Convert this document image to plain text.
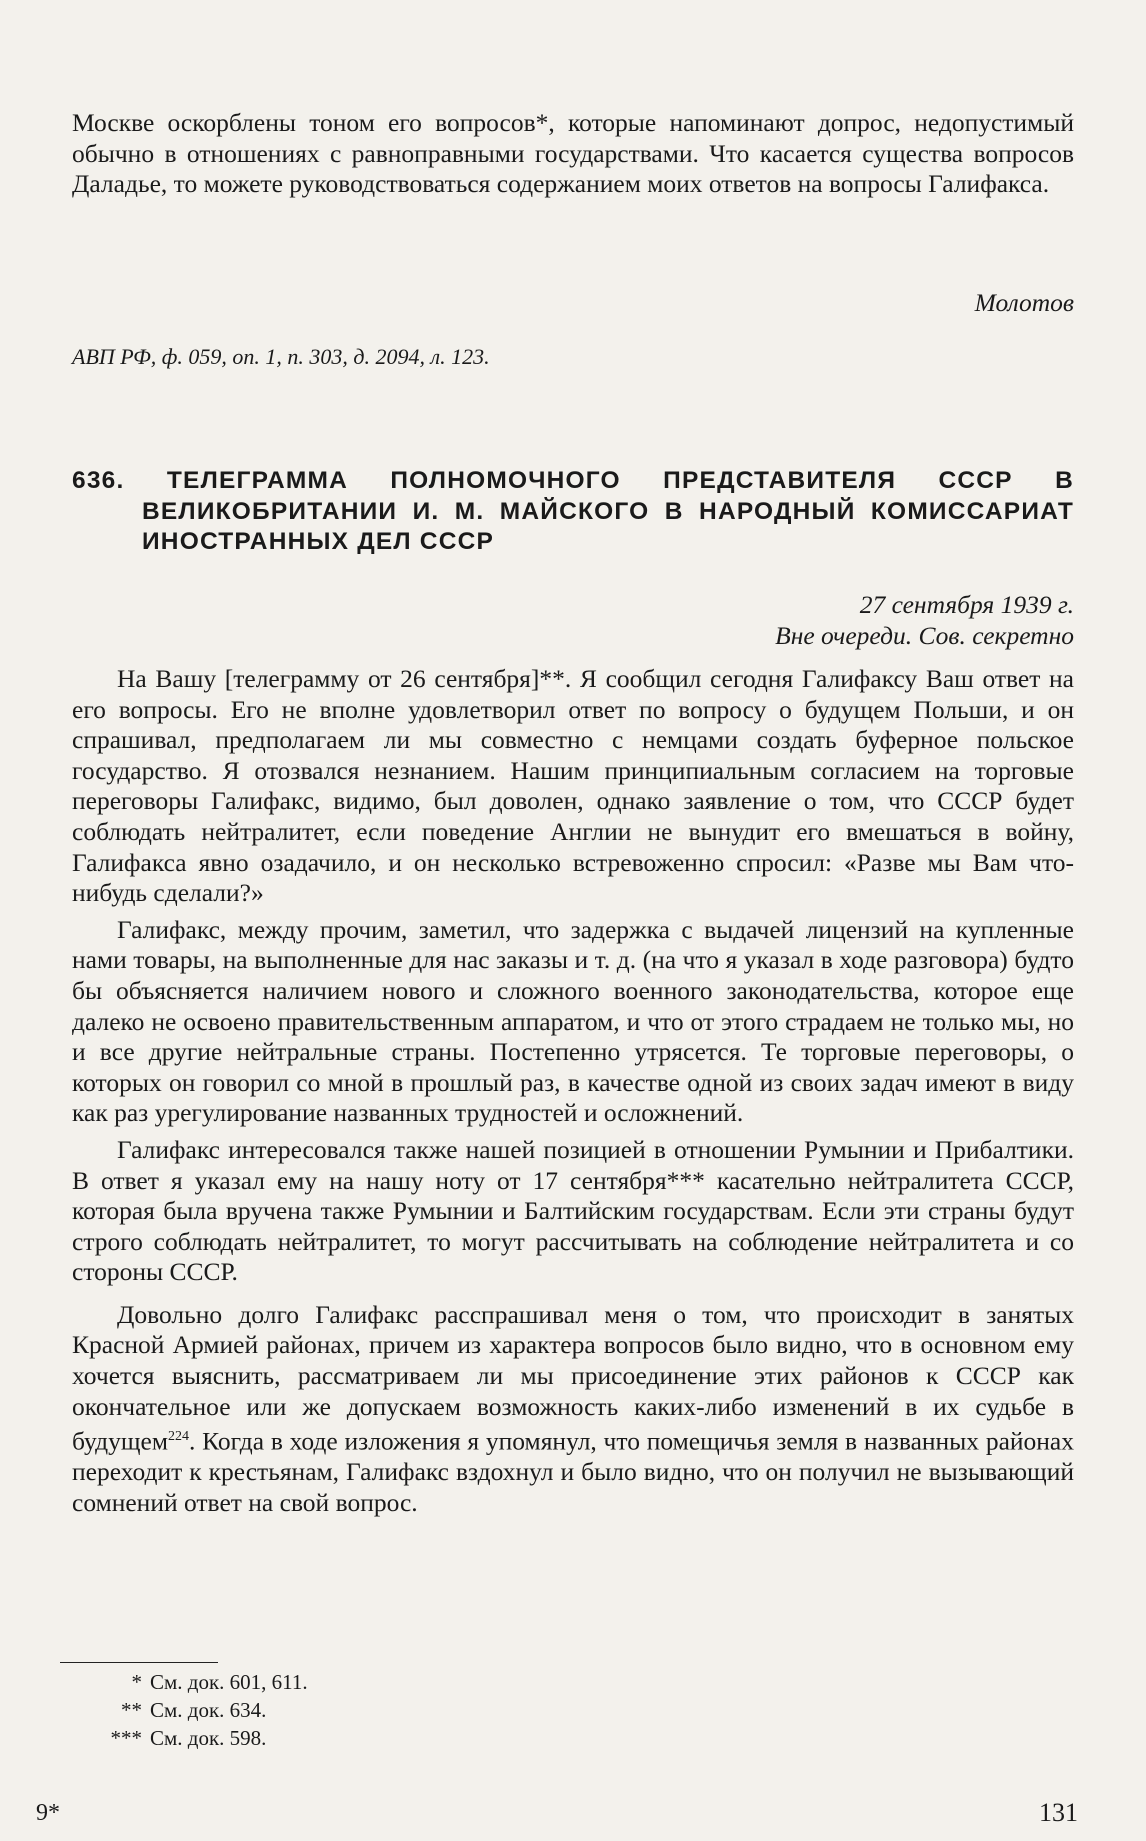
Москве оскорблены тоном его вопросов*, которые напоминают допрос, недопустимый обычно в отношениях с равноправными государствами. Что касается существа вопросов Даладье, то можете руководствоваться содержанием моих ответов на вопросы Галифакса.

Молотов

АВП РФ, ф. 059, оп. 1, п. 303, д. 2094, л. 123.

636. ТЕЛЕГРАММА ПОЛНОМОЧНОГО ПРЕДСТАВИТЕЛЯ СССР В ВЕЛИКОБРИТАНИИ И. М. МАЙСКОГО В НАРОДНЫЙ КОМИССАРИАТ ИНОСТРАННЫХ ДЕЛ СССР

27 сентября 1939 г.

Вне очереди. Сов. секретно

На Вашу [телеграмму от 26 сентября]**. Я сообщил сегодня Галифаксу Ваш ответ на его вопросы. Его не вполне удовлетворил ответ по вопросу о будущем Польши, и он спрашивал, предполагаем ли мы совместно с немцами создать буферное польское государство. Я отозвался незнанием. Нашим принципиальным согласием на торговые переговоры Галифакс, видимо, был доволен, однако заявление о том, что СССР будет соблюдать нейтралитет, если поведение Англии не вынудит его вмешаться в войну, Галифакса явно озадачило, и он несколько встревоженно спросил: «Разве мы Вам что-нибудь сделали?»

Галифакс, между прочим, заметил, что задержка с выдачей лицензий на купленные нами товары, на выполненные для нас заказы и т. д. (на что я указал в ходе разговора) будто бы объясняется наличием нового и сложного военного законодательства, которое еще далеко не освоено правительственным аппаратом, и что от этого страдаем не только мы, но и все другие нейтральные страны. Постепенно утрясется. Те торговые переговоры, о которых он говорил со мной в прошлый раз, в качестве одной из своих задач имеют в виду как раз урегулирование названных трудностей и осложнений.

Галифакс интересовался также нашей позицией в отношении Румынии и Прибалтики. В ответ я указал ему на нашу ноту от 17 сентября*** касательно нейтралитета СССР, которая была вручена также Румынии и Балтийским государствам. Если эти страны будут строго соблюдать нейтралитет, то могут рассчитывать на соблюдение нейтралитета и со стороны СССР.

Довольно долго Галифакс расспрашивал меня о том, что происходит в занятых Красной Армией районах, причем из характера вопросов было видно, что в основном ему хочется выяснить, рассматриваем ли мы присоединение этих районов к СССР как окончательное или же допускаем возможность каких-либо изменений в их судьбе в будущем$^{224}$. Когда в ходе изложения я упомянул, что помещичья земля в названных районах переходит к крестьянам, Галифакс вздохнул и было видно, что он получил не вызывающий сомнений ответ на свой вопрос.

* См. док. 601, 611.
** См. док. 634.
*** См. док. 598.
9*	131
